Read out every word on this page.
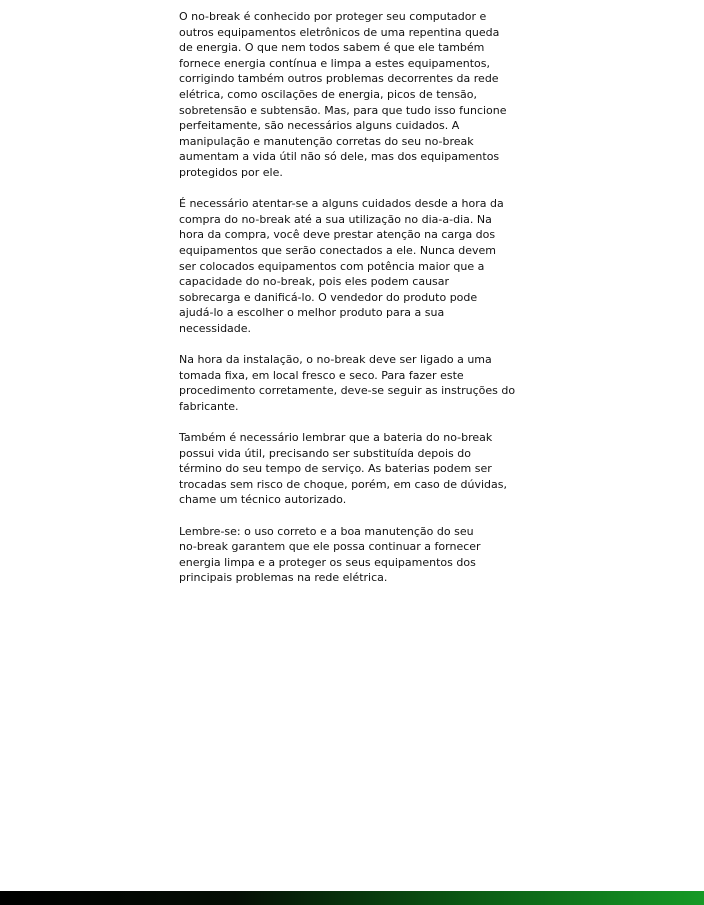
O no-break é conhecido por proteger seu computador e
outros equipamentos eletrônicos de uma repentina queda
de energia. O que nem todos sabem é que ele também
fornece energia contínua e limpa a estes equipamentos,
corrigindo também outros problemas decorrentes da rede
elétrica, como oscilações de energia, picos de tensão,
sobretensão e subtensão. Mas, para que tudo isso funcione
perfeitamente, são necessários alguns cuidados. A
manipulação e manutenção corretas do seu no-break
aumentam a vida útil não só dele, mas dos equipamentos
protegidos por ele.

É necessário atentar-se a alguns cuidados desde a hora da
compra do no-break até a sua utilização no dia-a-dia. Na
hora da compra, você deve prestar atenção na carga dos
equipamentos que serão conectados a ele. Nunca devem
ser colocados equipamentos com potência maior que a
capacidade do no-break, pois eles podem causar
sobrecarga e danificá-lo. O vendedor do produto pode
ajudá-lo a escolher o melhor produto para a sua
necessidade.

Na hora da instalação, o no-break deve ser ligado a uma
tomada fixa, em local fresco e seco. Para fazer este
procedimento corretamente, deve-se seguir as instruções do
fabricante.

Também é necessário lembrar que a bateria do no-break
possui vida útil, precisando ser substituída depois do
término do seu tempo de serviço. As baterias podem ser
trocadas sem risco de choque, porém, em caso de dúvidas,
chame um técnico autorizado.

Lembre-se: o uso correto e a boa manutenção do seu
no-break garantem que ele possa continuar a fornecer
energia limpa e a proteger os seus equipamentos dos
principais problemas na rede elétrica.
